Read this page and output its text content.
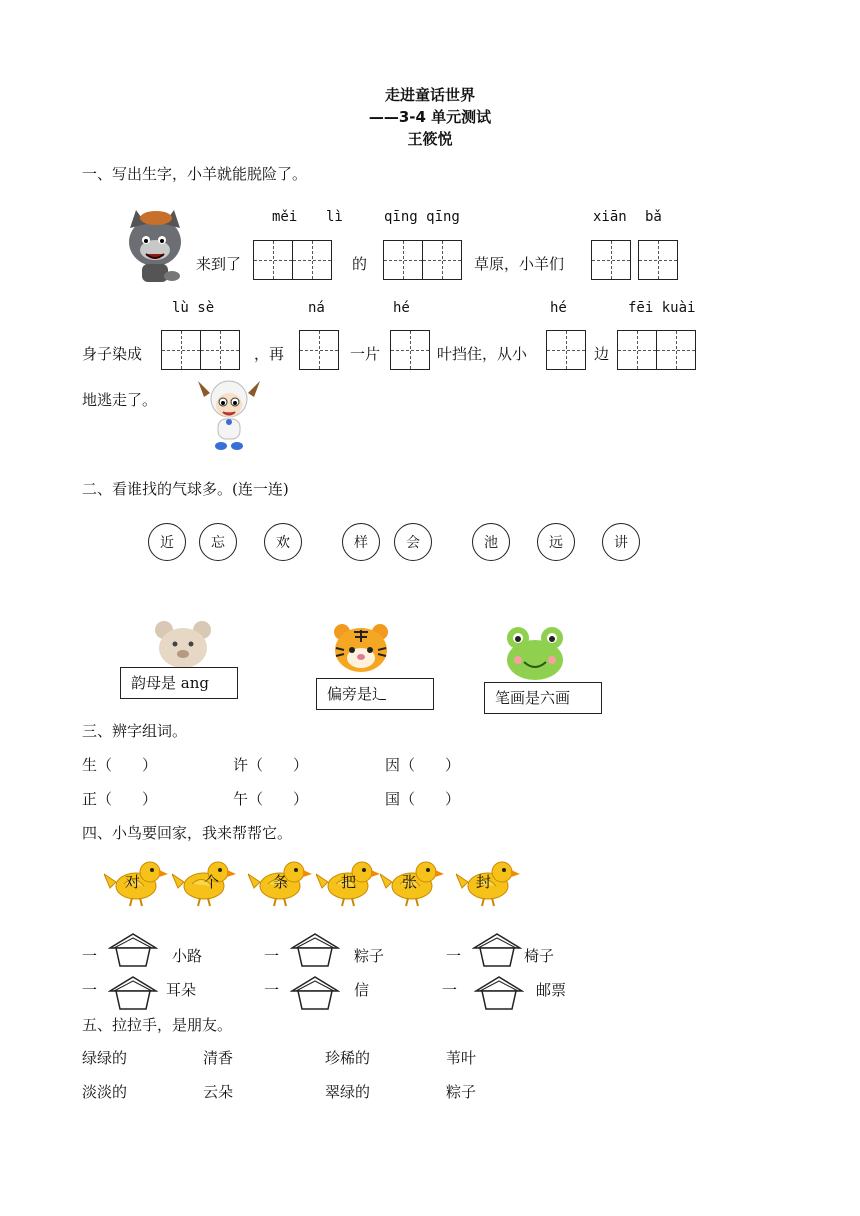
走进童话世界
——3-4 单元测试
王筱悦
一、写出生字，小羊就能脱险了。
来到了
měi lì
的
qīng qīng
草原，小羊们
xiān bǎ
lù sè	ná	hé	hé	fēi kuài
身子染成	，再	一片	叶挡住，从小	边
地逃走了。
二、看谁找的气球多。(连一连)
近	忘	欢	样	会	池	远	讲
韵母是 ang
偏旁是辶	笔画是六画
三、辨字组词。
生（　　）	许（　　）	因（　　）
正（　　）	午（　　）	国（　　）
四、小鸟要回家，我来帮帮它。
对	个	条	把	张	封
一	小路	一	粽子	一	椅子
一	耳朵	一	信	一	邮票
五、拉拉手，是朋友。
绿绿的	清香	珍稀的	苇叶
淡淡的	云朵	翠绿的	粽子
